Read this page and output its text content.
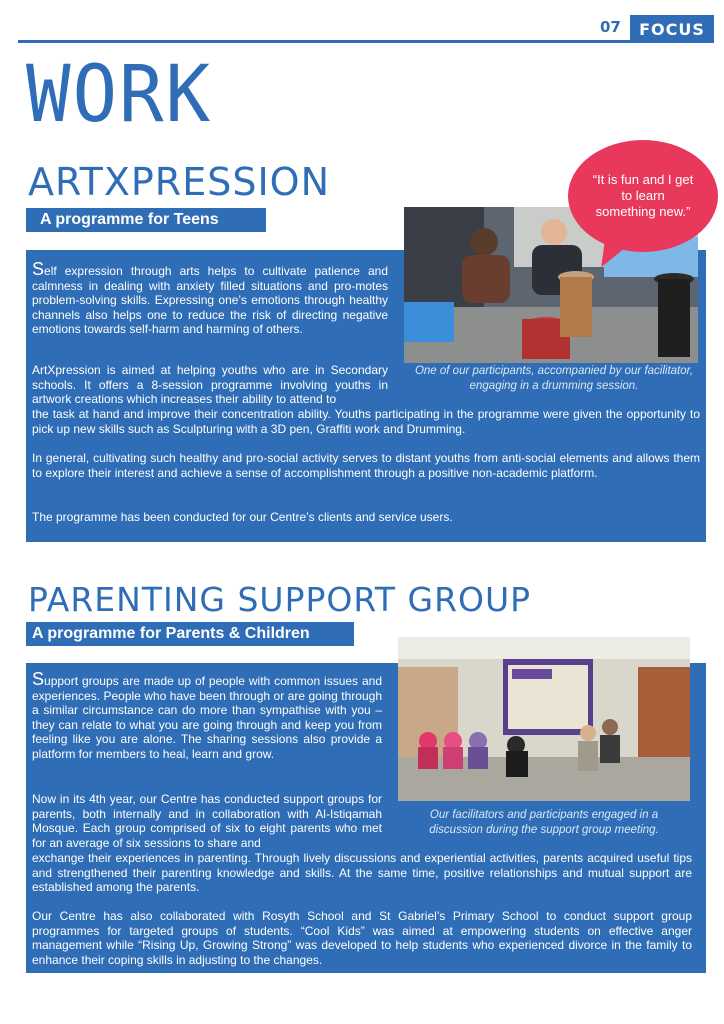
07	FOCUS
WORK
ARTXPRESSION
A programme for Teens
“It is fun and I get to learn something new.”
One of our participants, accompanied by our facilitator, engaging in a drumming session.

Self expression through arts helps to cultivate patience and calmness in dealing with anxiety filled situations and pro-motes problem-solving skills. Expressing one’s emotions through healthy channels also helps one to reduce the risk of directing negative emotions towards self-harm and harming of others.

ArtXpression is aimed at helping youths who are in Secondary schools. It offers a 8-session programme involving youths in artwork creations which increases their ability to attend to

the task at hand and improve their concentration ability. Youths participating in the programme were given the opportunity to pick up new skills such as Sculpturing with a 3D pen, Graffiti work and Drumming.

In general, cultivating such healthy and pro-social activity serves to distant youths from anti-social elements and allows them to explore their interest and achieve a sense of accomplishment through a positive non-academic platform.

The programme has been conducted for our Centre’s clients and service users.

PARENTING SUPPORT GROUP
A programme for Parents & Children
Our facilitators and participants engaged in a discussion during the support group meeting.

Support groups are made up of people with common issues and experiences. People who have been through or are going through a similar circumstance can do more than sympathise with you – they can relate to what you are going through and keep you from feeling like you are alone. The sharing sessions also provide a platform for members to heal, learn and grow.

Now in its 4th year, our Centre has conducted support groups for parents, both internally and in collaboration with Al-Istiqamah Mosque. Each group comprised of six to eight parents who met for an average of six sessions to share and

exchange their experiences in parenting. Through lively discussions and experiential activities, parents acquired useful tips and strengthened their parenting knowledge and skills. At the same time, positive relationships and mutual support are established among the parents.

Our Centre has also collaborated with Rosyth School and St Gabriel’s Primary School to conduct support group programmes for targeted groups of students. “Cool Kids” was aimed at empowering students on effective anger management while “Rising Up, Growing Strong” was developed to help students who experienced divorce in the family to enhance their coping skills in adjusting to the changes.
